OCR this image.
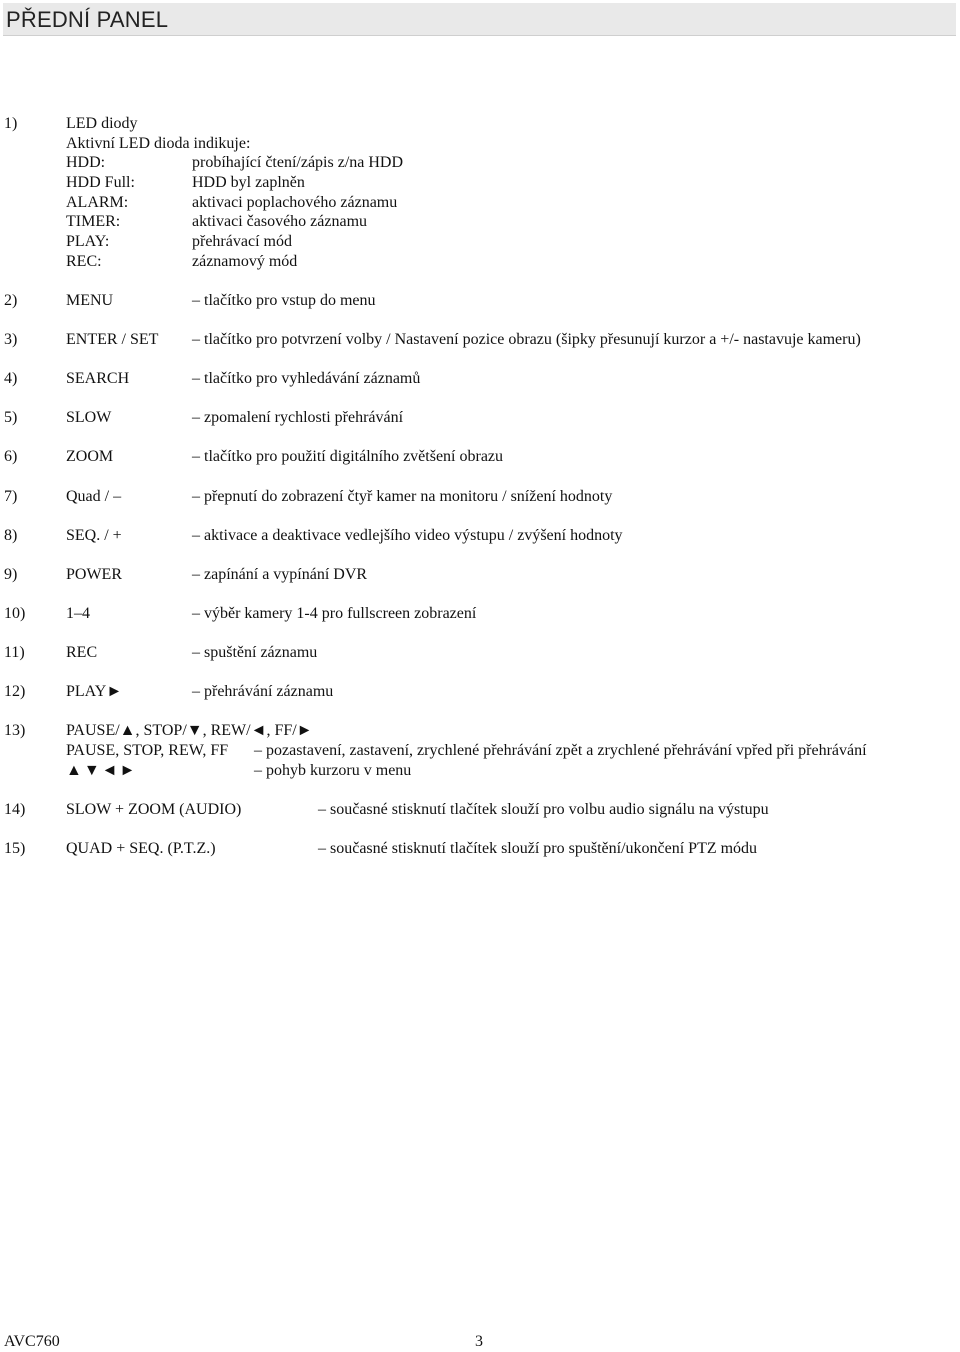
PŘEDNÍ PANEL
1)	LED diody
Aktivní LED dioda indikuje:
HDD:	probíhající čtení/zápis z/na HDD
HDD Full:	HDD byl zaplněn
ALARM:	aktivaci poplachového záznamu
TIMER:	aktivaci časového záznamu
PLAY:	přehrávací mód
REC:	záznamový mód
2)	MENU	– tlačítko pro vstup do menu
3)	ENTER / SET – tlačítko pro potvrzení volby / Nastavení pozice obrazu (šipky přesunují kurzor a +/- nastavuje kameru)
4)	SEARCH	– tlačítko pro vyhledávání záznamů
5)	SLOW	– zpomalení rychlosti přehrávání
6)	ZOOM	– tlačítko pro použití digitálního zvětšení obrazu
7)	Quad / –	– přepnutí do zobrazení čtyř kamer na monitoru / snížení hodnoty
8)	SEQ. / +	– aktivace a deaktivace vedlejšího video výstupu / zvýšení hodnoty
9)	POWER	– zapínání a vypínání DVR
10)	1–4	– výběr kamery 1-4 pro fullscreen zobrazení
11)	REC	– spuštění záznamu
12)	PLAY►	– přehrávání záznamu
13)	PAUSE/▲, STOP/▼, REW/◄, FF/►
PAUSE, STOP, REW, FF – pozastavení, zastavení, zrychlené přehrávání zpět a zrychlené přehrávání vpřed při přehrávání
▲▼◄►	– pohyb kurzoru v menu
14)	SLOW + ZOOM (AUDIO)	– současné stisknutí tlačítek slouží pro volbu audio signálu na výstupu
15)	QUAD + SEQ. (P.T.Z.)	– současné stisknutí tlačítek slouží pro spuštění/ukončení PTZ módu
AVC760	3
